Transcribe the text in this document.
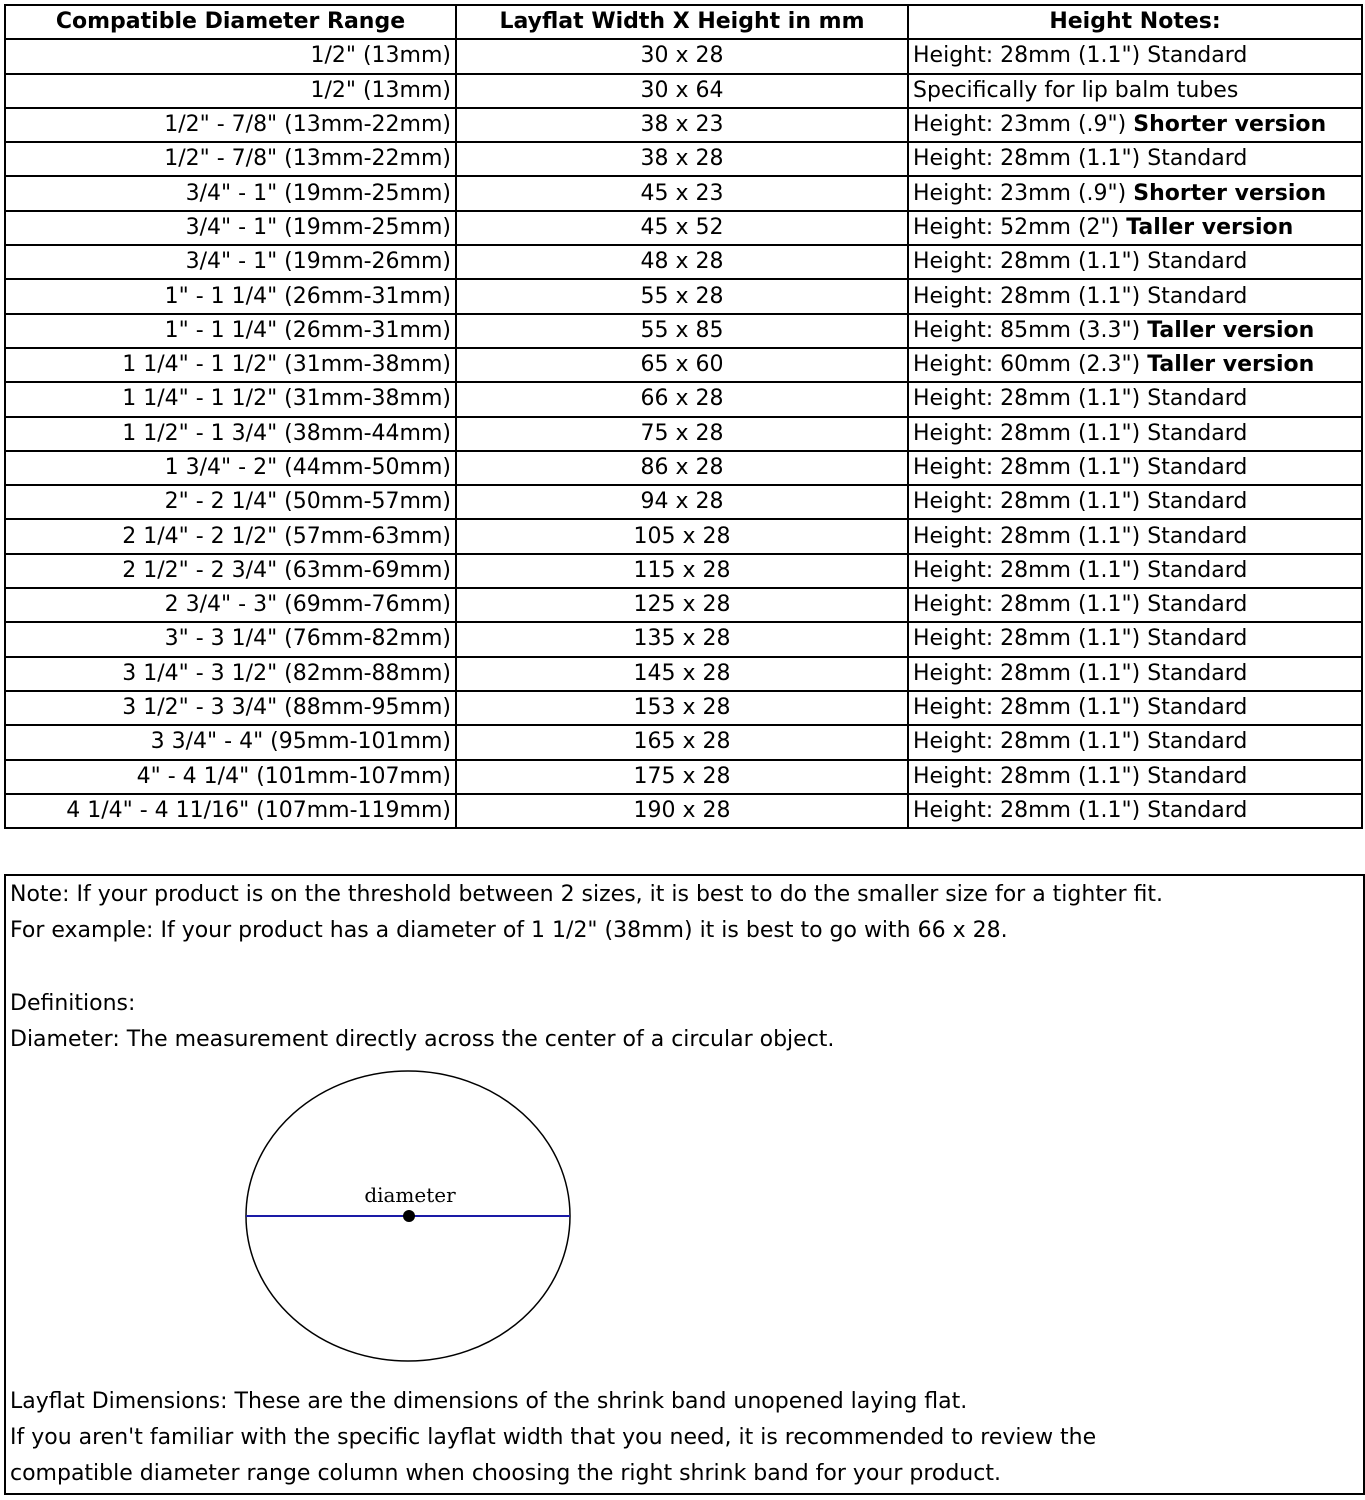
Compatible Diameter Range	Layflat Width X Height in mm	Height Notes:
1/2" (13mm)	30 x 28	Height: 28mm (1.1") Standard
1/2" (13mm)	30 x 64	Specifically for lip balm tubes
1/2" - 7/8" (13mm-22mm)	38 x 23	Height: 23mm (.9") Shorter version
1/2" - 7/8" (13mm-22mm)	38 x 28	Height: 28mm (1.1") Standard
3/4" - 1" (19mm-25mm)	45 x 23	Height: 23mm (.9") Shorter version
3/4" - 1" (19mm-25mm)	45 x 52	Height: 52mm (2") Taller version
3/4" - 1" (19mm-26mm)	48 x 28	Height: 28mm (1.1") Standard
1" - 1 1/4" (26mm-31mm)	55 x 28	Height: 28mm (1.1") Standard
1" - 1 1/4" (26mm-31mm)	55 x 85	Height: 85mm (3.3") Taller version
1 1/4" - 1 1/2" (31mm-38mm)	65 x 60	Height: 60mm (2.3") Taller version
1 1/4" - 1 1/2" (31mm-38mm)	66 x 28	Height: 28mm (1.1") Standard
1 1/2" - 1 3/4" (38mm-44mm)	75 x 28	Height: 28mm (1.1") Standard
1 3/4" - 2" (44mm-50mm)	86 x 28	Height: 28mm (1.1") Standard
2" - 2 1/4" (50mm-57mm)	94 x 28	Height: 28mm (1.1") Standard
2 1/4" - 2 1/2" (57mm-63mm)	105 x 28	Height: 28mm (1.1") Standard
2 1/2" - 2 3/4" (63mm-69mm)	115 x 28	Height: 28mm (1.1") Standard
2 3/4" - 3" (69mm-76mm)	125 x 28	Height: 28mm (1.1") Standard
3" - 3 1/4" (76mm-82mm)	135 x 28	Height: 28mm (1.1") Standard
3 1/4" - 3 1/2" (82mm-88mm)	145 x 28	Height: 28mm (1.1") Standard
3 1/2" - 3 3/4" (88mm-95mm)	153 x 28	Height: 28mm (1.1") Standard
3 3/4" - 4" (95mm-101mm)	165 x 28	Height: 28mm (1.1") Standard
4" - 4 1/4" (101mm-107mm)	175 x 28	Height: 28mm (1.1") Standard
4 1/4" - 4 11/16" (107mm-119mm)	190 x 28	Height: 28mm (1.1") Standard
Note: If your product is on the threshold between 2 sizes, it is best to do the smaller size for a tighter fit.
For example: If your product has a diameter of 1 1/2" (38mm) it is best to go with 66 x 28.
Definitions:
Diameter: The measurement directly across the center of a circular object.
diameter
Layflat Dimensions: These are the dimensions of the shrink band unopened laying flat.
If you aren't familiar with the specific layflat width that you need, it is recommended to review the
compatible diameter range column when choosing the right shrink band for your product.
